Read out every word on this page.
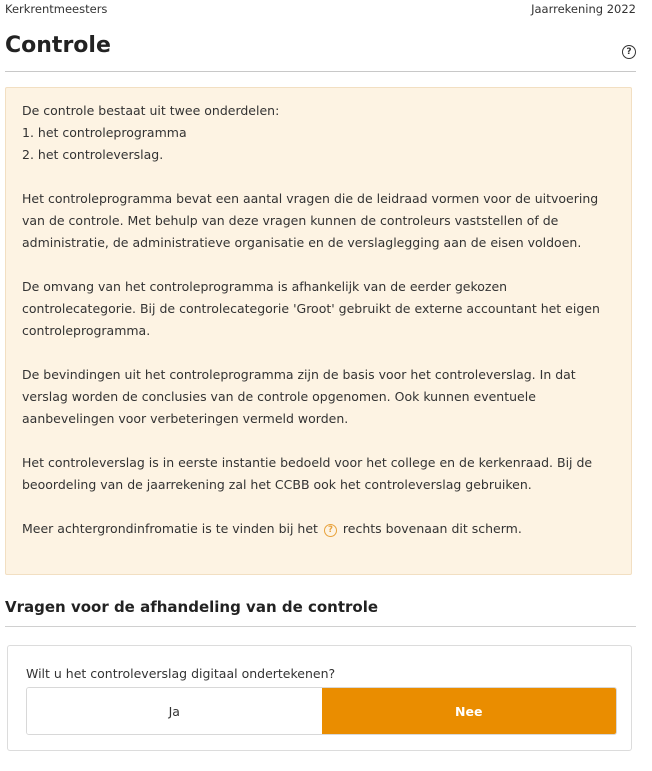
Kerkrentmeesters	Jaarrekening 2022
Controle	?

De controle bestaat uit twee onderdelen:

1. het controleprogramma

2. het controleverslag.

Het controleprogramma bevat een aantal vragen die de leidraad vormen voor de uitvoering van de controle. Met behulp van deze vragen kunnen de controleurs vaststellen of de administratie, de administratieve organisatie en de verslaglegging aan de eisen voldoen.

De omvang van het controleprogramma is afhankelijk van de eerder gekozen controlecategorie. Bij de controlecategorie 'Groot' gebruikt de externe accountant het eigen controleprogramma.

De bevindingen uit het controleprogramma zijn de basis voor het controleverslag. In dat verslag worden de conclusies van de controle opgenomen. Ook kunnen eventuele aanbevelingen voor verbeteringen vermeld worden.

Het controleverslag is in eerste instantie bedoeld voor het college en de kerkenraad. Bij de beoordeling van de jaarrekening zal het CCBB ook het controleverslag gebruiken.

Meer achtergrondinfromatie is te vinden bij het ? rechts bovenaan dit scherm.

Vragen voor de afhandeling van de controle
Wilt u het controleverslag digitaal ondertekenen?
Ja	Nee
